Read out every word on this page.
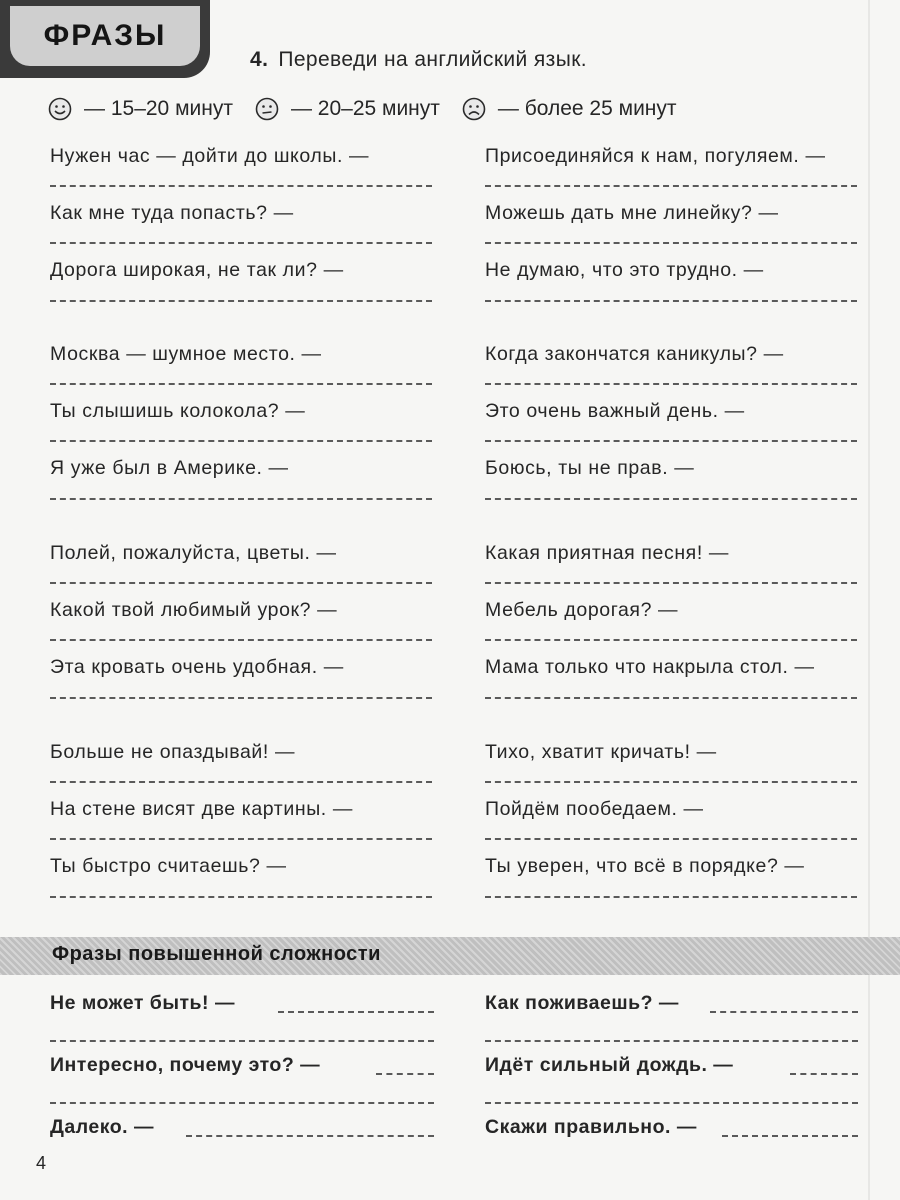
ФРАЗЫ
4. Переведи на английский язык.
— 15–20 минут	— 20–25 минут	— более 25 минут
Нужен час — дойти до школы. —
Как мне туда попасть? —
Дорога широкая, не так ли? —
Москва — шумное место. —
Ты слышишь колокола? —
Я уже был в Америке. —
Полей, пожалуйста, цветы. —
Какой твой любимый урок? —
Эта кровать очень удобная. —
Больше не опаздывай! —
На стене висят две картины. —
Ты быстро считаешь? —
Присоединяйся к нам, погуляем. —
Можешь дать мне линейку? —
Не думаю, что это трудно. —
Когда закончатся каникулы? —
Это очень важный день. —
Боюсь, ты не прав. —
Какая приятная песня! —
Мебель дорогая? —
Мама только что накрыла стол. —
Тихо, хватит кричать! —
Пойдём пообедаем. —
Ты уверен, что всё в порядке? —
Фразы повышенной сложности
Не может быть! —
Интересно, почему это? —
Далеко. —
Как поживаешь? —
Идёт сильный дождь. —
Скажи правильно. —
4
